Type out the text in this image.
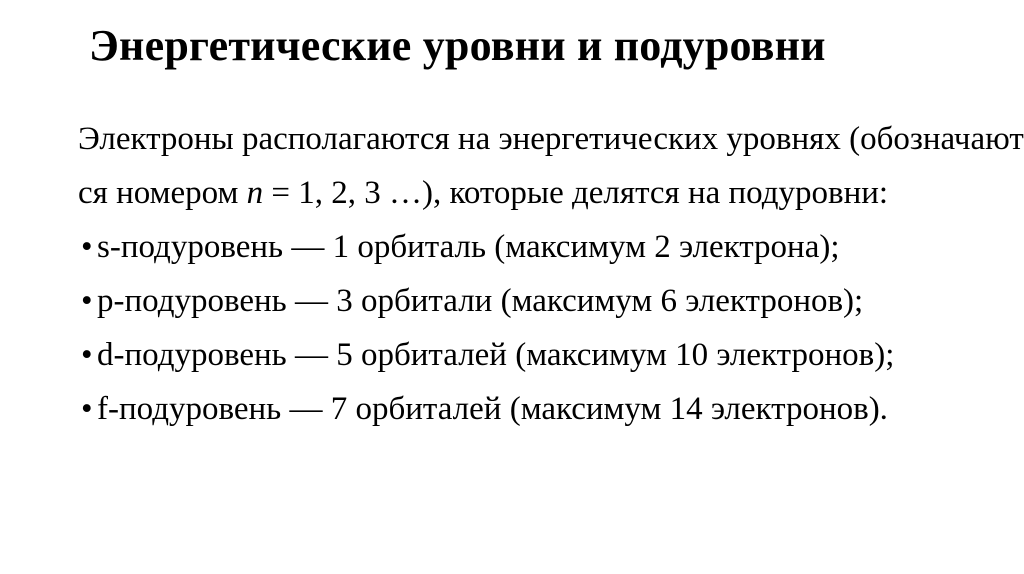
Энергетические уровни и подуровни
Электроны располагаются на энергетических уровнях (обозначают
ся номером n = 1, 2, 3 …), которые делятся на подуровни:
• s-подуровень — 1 орбиталь (максимум 2 электрона);
• p-подуровень — 3 орбитали (максимум 6 электронов);
• d-подуровень — 5 орбиталей (максимум 10 электронов);
• f-подуровень — 7 орбиталей (максимум 14 электронов).
